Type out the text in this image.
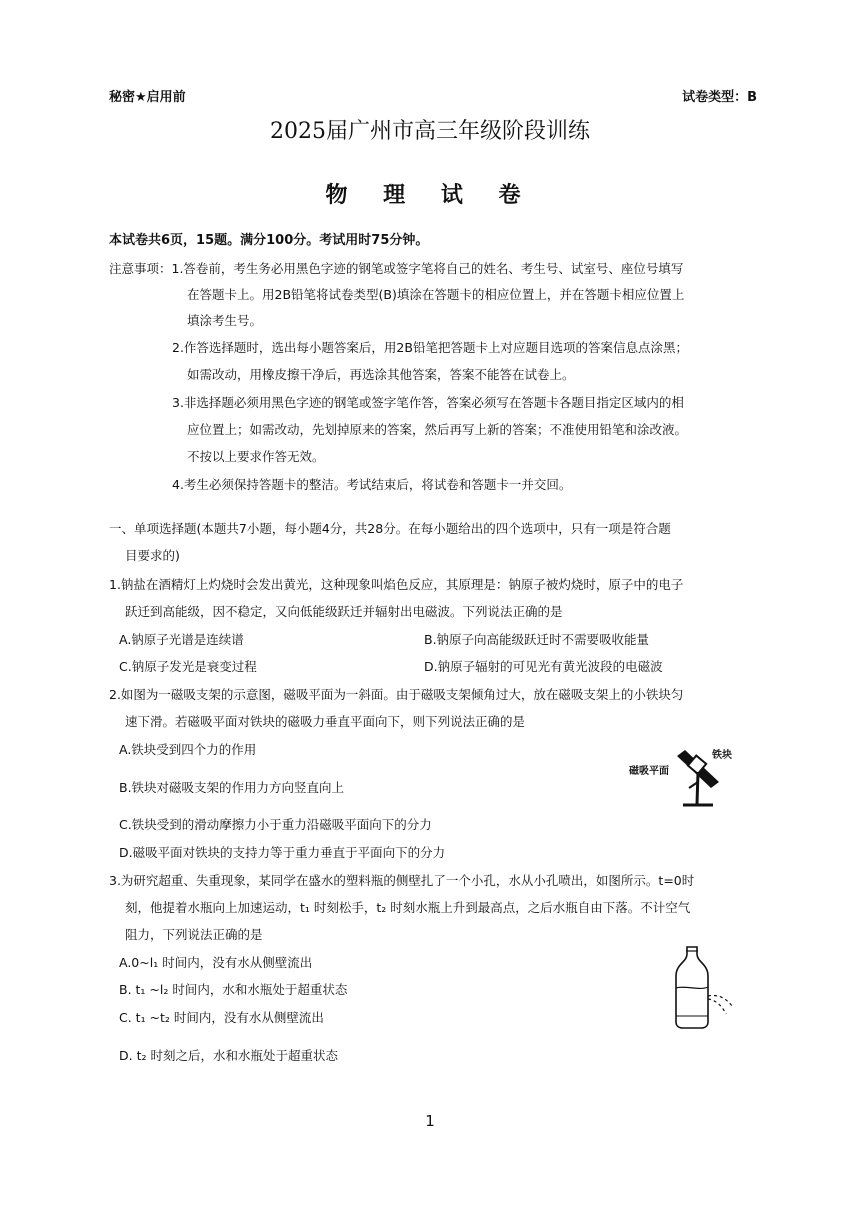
秘密★启用前	试卷类型：B
2025届广州市高三年级阶段训练
物 理 试 卷
本试卷共6页，15题。满分100分。考试用时75分钟。
注意事项：1.答卷前，考生务必用黑色字迹的钢笔或签字笔将自己的姓名、考生号、试室号、座位号填写
在答题卡上。用2B铅笔将试卷类型(B)填涂在答题卡的相应位置上，并在答题卡相应位置上
填涂考生号。
2.作答选择题时，选出每小题答案后，用2B铅笔把答题卡上对应题目选项的答案信息点涂黑；
如需改动，用橡皮擦干净后，再选涂其他答案，答案不能答在试卷上。
3.非选择题必须用黑色字迹的钢笔或签字笔作答，答案必须写在答题卡各题目指定区域内的相
应位置上；如需改动，先划掉原来的答案，然后再写上新的答案；不准使用铅笔和涂改液。
不按以上要求作答无效。
4.考生必须保持答题卡的整洁。考试结束后，将试卷和答题卡一并交回。
一、单项选择题(本题共7小题，每小题4分，共28分。在每小题给出的四个选项中，只有一项是符合题
目要求的)
1.钠盐在酒精灯上灼烧时会发出黄光，这种现象叫焰色反应，其原理是：钠原子被灼烧时，原子中的电子
跃迁到高能级，因不稳定，又向低能级跃迁并辐射出电磁波。下列说法正确的是
A.钠原子光谱是连续谱	B.钠原子向高能级跃迁时不需要吸收能量
C.钠原子发光是衰变过程	D.钠原子辐射的可见光有黄光波段的电磁波
2.如图为一磁吸支架的示意图，磁吸平面为一斜面。由于磁吸支架倾角过大，放在磁吸支架上的小铁块匀
速下滑。若磁吸平面对铁块的磁吸力垂直平面向下，则下列说法正确的是
A.铁块受到四个力的作用
B.铁块对磁吸支架的作用力方向竖直向上
C.铁块受到的滑动摩擦力小于重力沿磁吸平面向下的分力
D.磁吸平面对铁块的支持力等于重力垂直于平面向下的分力
铁块
磁吸平面
3.为研究超重、失重现象，某同学在盛水的塑料瓶的侧壁扎了一个小孔，水从小孔喷出，如图所示。t=0时
刻，他提着水瓶向上加速运动，t₁ 时刻松手，t₂ 时刻水瓶上升到最高点，之后水瓶自由下落。不计空气
阻力，下列说法正确的是
A.0~l₁ 时间内，没有水从侧壁流出
B. t₁ ~l₂ 时间内，水和水瓶处于超重状态
C. t₁ ~t₂ 时间内，没有水从侧壁流出
D. t₂ 时刻之后，水和水瓶处于超重状态
1
